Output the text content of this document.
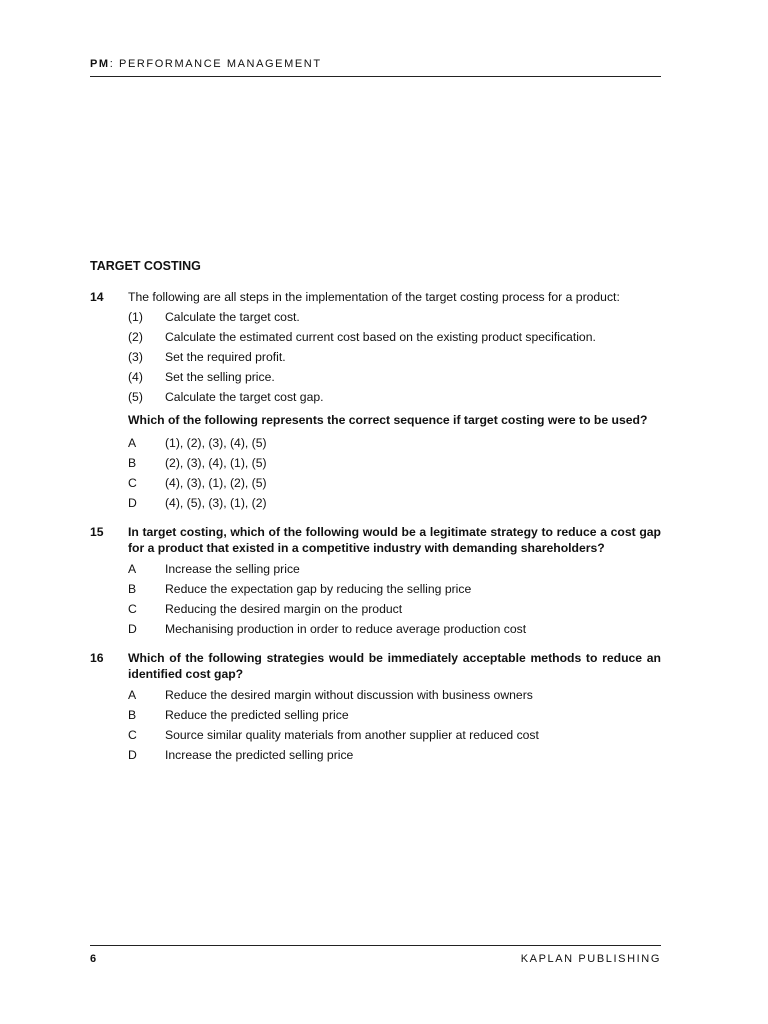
PM: PERFORMANCE MANAGEMENT
TARGET COSTING
14	The following are all steps in the implementation of the target costing process for a product:
(1)	Calculate the target cost.
(2)	Calculate the estimated current cost based on the existing product specification.
(3)	Set the required profit.
(4)	Set the selling price.
(5)	Calculate the target cost gap.
Which of the following represents the correct sequence if target costing were to be used?
A	(1), (2), (3), (4), (5)
B	(2), (3), (4), (1), (5)
C	(4), (3), (1), (2), (5)
D	(4), (5), (3), (1), (2)
15	In target costing, which of the following would be a legitimate strategy to reduce a cost gap for a product that existed in a competitive industry with demanding shareholders?
A	Increase the selling price
B	Reduce the expectation gap by reducing the selling price
C	Reducing the desired margin on the product
D	Mechanising production in order to reduce average production cost
16	Which of the following strategies would be immediately acceptable methods to reduce an identified cost gap?
A	Reduce the desired margin without discussion with business owners
B	Reduce the predicted selling price
C	Source similar quality materials from another supplier at reduced cost
D	Increase the predicted selling price
6	KAPLAN PUBLISHING
